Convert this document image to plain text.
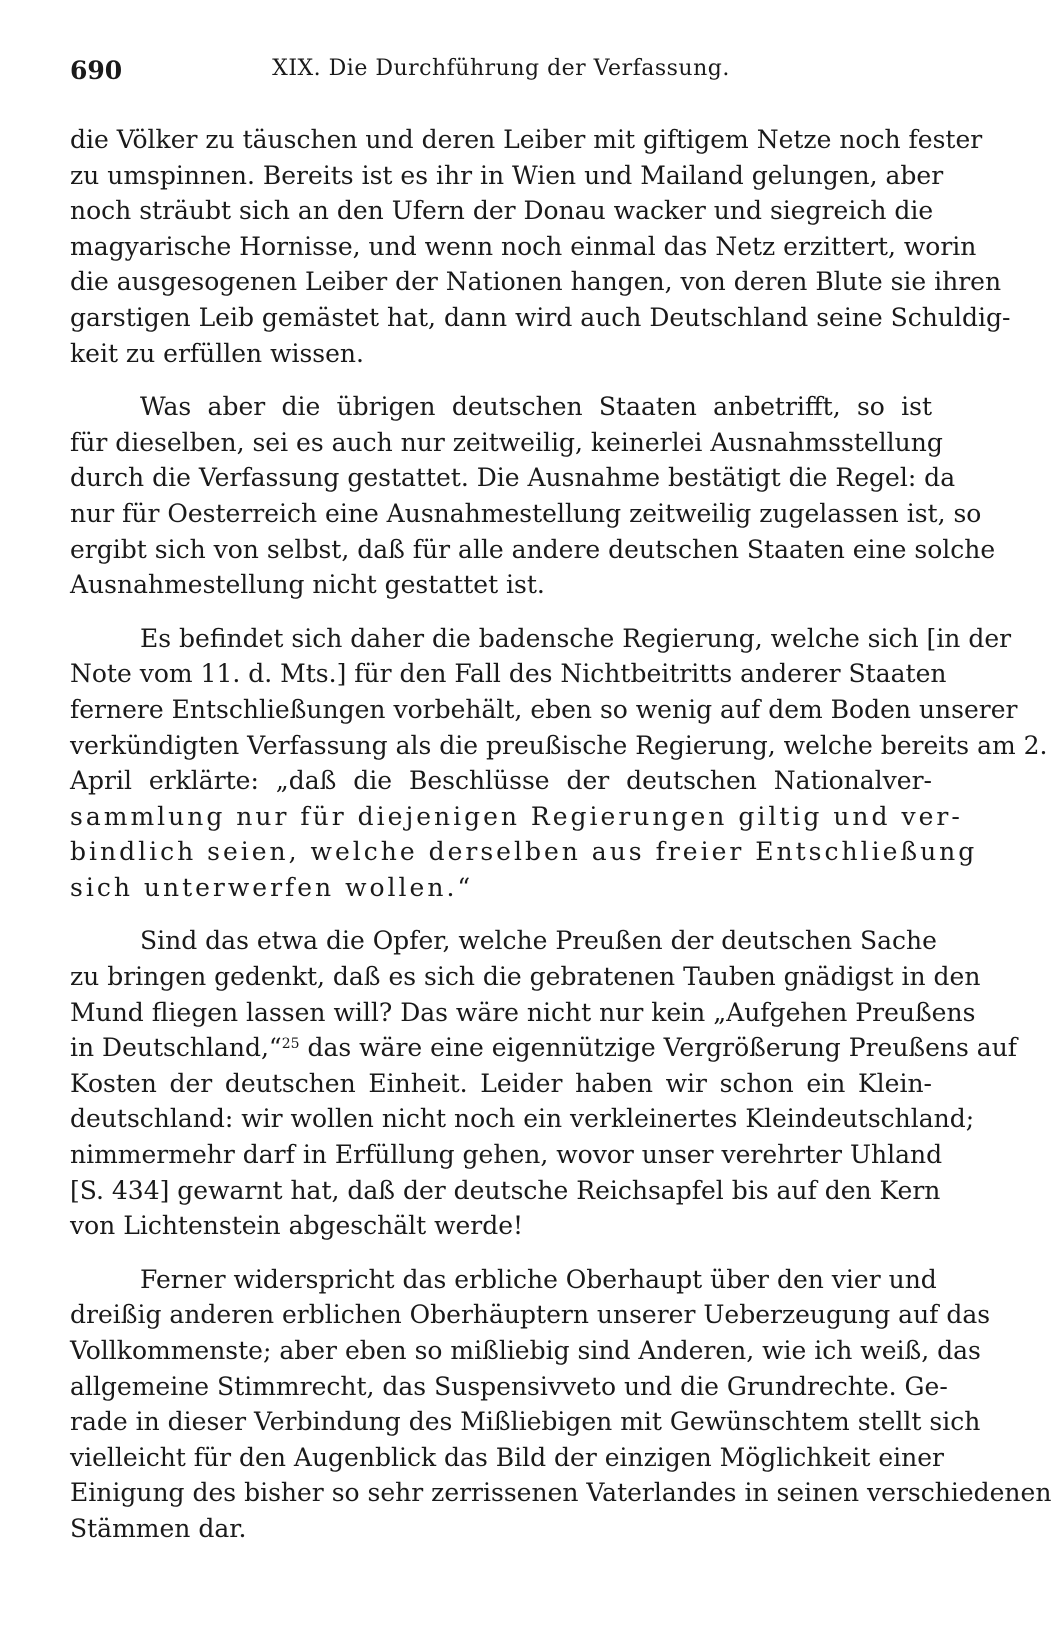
690	XIX. Die Durchführung der Verfassung.
die Völker zu täuschen und deren Leiber mit giftigem Netze noch fester
zu umspinnen. Bereits ist es ihr in Wien und Mailand gelungen, aber
noch sträubt sich an den Ufern der Donau wacker und siegreich die
magyarische Hornisse, und wenn noch einmal das Netz erzittert, worin
die ausgesogenen Leiber der Nationen hangen, von deren Blute sie ihren
garstigen Leib gemästet hat, dann wird auch Deutschland seine Schuldig-
keit zu erfüllen wissen.
Was aber die übrigen deutschen Staaten anbetrifft, so ist
für dieselben, sei es auch nur zeitweilig, keinerlei Ausnahmsstellung
durch die Verfassung gestattet. Die Ausnahme bestätigt die Regel: da
nur für Oesterreich eine Ausnahmestellung zeitweilig zugelassen ist, so
ergibt sich von selbst, daß für alle andere deutschen Staaten eine solche
Ausnahmestellung nicht gestattet ist.
Es befindet sich daher die badensche Regierung, welche sich [in der
Note vom 11. d. Mts.] für den Fall des Nichtbeitritts anderer Staaten
fernere Entschließungen vorbehält, eben so wenig auf dem Boden unserer
verkündigten Verfassung als die preußische Regierung, welche bereits am 2.
April erklärte: „daß die Beschlüsse der deutschen Nationalver-
sammlung nur für diejenigen Regierungen giltig und ver-
bindlich seien, welche derselben aus freier Entschließung
sich unterwerfen wollen.“
Sind das etwa die Opfer, welche Preußen der deutschen Sache
zu bringen gedenkt, daß es sich die gebratenen Tauben gnädigst in den
Mund fliegen lassen will? Das wäre nicht nur kein „Aufgehen Preußens
in Deutschland,“$^{25}$ das wäre eine eigennützige Vergrößerung Preußens auf
Kosten der deutschen Einheit. Leider haben wir schon ein Klein-
deutschland: wir wollen nicht noch ein verkleinertes Kleindeutschland;
nimmermehr darf in Erfüllung gehen, wovor unser verehrter Uhland
[S. 434] gewarnt hat, daß der deutsche Reichsapfel bis auf den Kern
von Lichtenstein abgeschält werde!
Ferner widerspricht das erbliche Oberhaupt über den vier und
dreißig anderen erblichen Oberhäuptern unserer Ueberzeugung auf das
Vollkommenste; aber eben so mißliebig sind Anderen, wie ich weiß, das
allgemeine Stimmrecht, das Suspensivveto und die Grundrechte. Ge-
rade in dieser Verbindung des Mißliebigen mit Gewünschtem stellt sich
vielleicht für den Augenblick das Bild der einzigen Möglichkeit einer
Einigung des bisher so sehr zerrissenen Vaterlandes in seinen verschiedenen
Stämmen dar.
